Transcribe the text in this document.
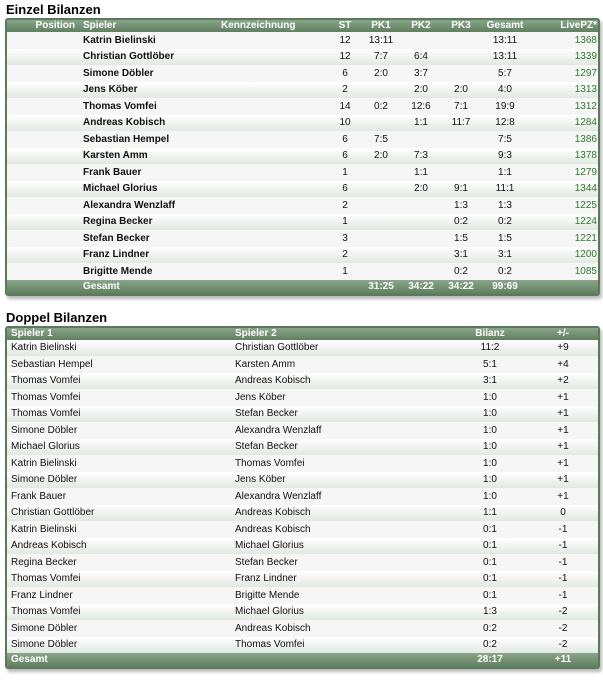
Einzel Bilanzen
Position	Spieler	Kennzeichnung	ST	PK1	PK2	PK3	Gesamt	LivePZ*
	Katrin Bielinski		12	13:11			13:11	1368
	Christian Gottlöber		12	7:7	6:4		13:11	1339
	Simone Döbler		6	2:0	3:7		5:7	1297
	Jens Köber		2		2:0	2:0	4:0	1313
	Thomas Vomfei		14	0:2	12:6	7:1	19:9	1312
	Andreas Kobisch		10		1:1	11:7	12:8	1284
	Sebastian Hempel		6	7:5			7:5	1386
	Karsten Amm		6	2:0	7:3		9:3	1378
	Frank Bauer		1		1:1		1:1	1279
	Michael Glorius		6		2:0	9:1	11:1	1344
	Alexandra Wenzlaff		2			1:3	1:3	1225
	Regina Becker		1			0:2	0:2	1224
	Stefan Becker		3			1:5	1:5	1221
	Franz Lindner		2			3:1	3:1	1200
	Brigitte Mende		1			0:2	0:2	1085
	Gesamt			31:25	34:22	34:22	99:69	
Doppel Bilanzen
Spieler 1	Spieler 2	Bilanz	+/-
Katrin Bielinski	Christian Gottlöber	11:2	+9
Sebastian Hempel	Karsten Amm	5:1	+4
Thomas Vomfei	Andreas Kobisch	3:1	+2
Thomas Vomfei	Jens Köber	1:0	+1
Thomas Vomfei	Stefan Becker	1:0	+1
Simone Döbler	Alexandra Wenzlaff	1:0	+1
Michael Glorius	Stefan Becker	1:0	+1
Katrin Bielinski	Thomas Vomfei	1:0	+1
Simone Döbler	Jens Köber	1:0	+1
Frank Bauer	Alexandra Wenzlaff	1:0	+1
Christian Gottlöber	Andreas Kobisch	1:1	0
Katrin Bielinski	Andreas Kobisch	0:1	-1
Andreas Kobisch	Michael Glorius	0:1	-1
Regina Becker	Stefan Becker	0:1	-1
Thomas Vomfei	Franz Lindner	0:1	-1
Franz Lindner	Brigitte Mende	0:1	-1
Thomas Vomfei	Michael Glorius	1:3	-2
Simone Döbler	Andreas Kobisch	0:2	-2
Simone Döbler	Thomas Vomfei	0:2	-2
Gesamt		28:17	+11
